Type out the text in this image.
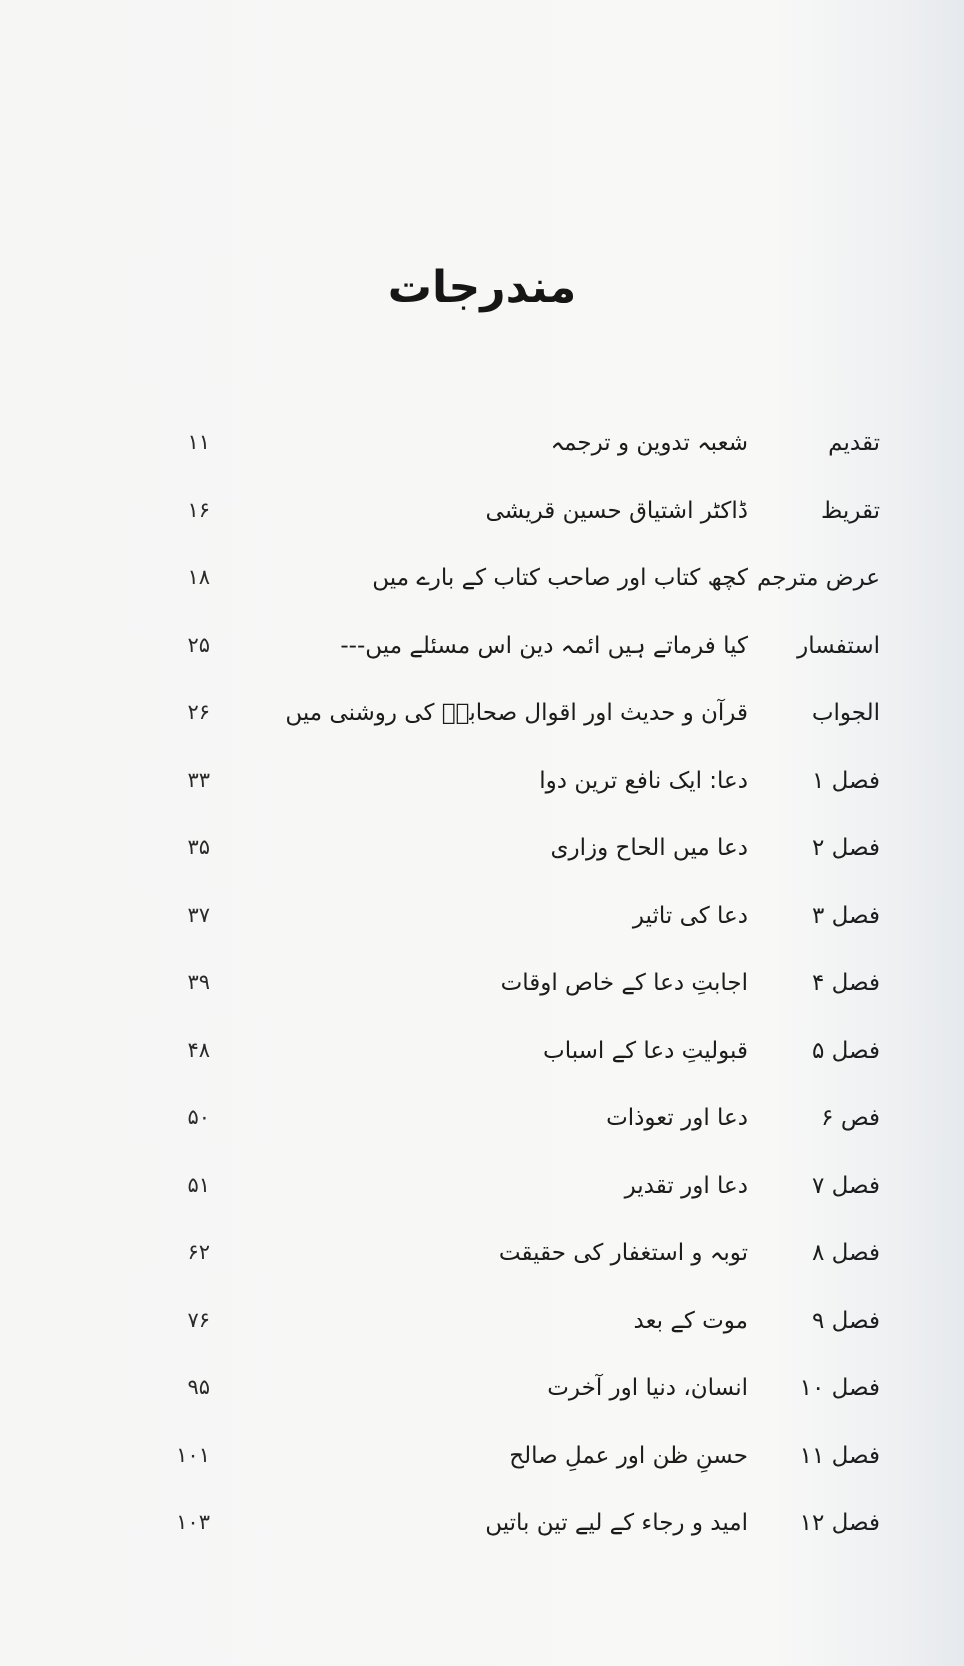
مندرجات
تقدیم
شعبہ تدوین و ترجمہ
۱۱
تقریظ
ڈاکٹر اشتیاق حسین قریشی
۱۶
عرض مترجم
کچھ کتاب اور صاحب کتاب کے بارے میں
۱۸
استفسار
کیا فرماتے ہیں ائمہ دین اس مسئلے میں---
۲۵
الجواب
قرآن و حدیث اور اقوال صحابہؓ کی روشنی میں
۲۶
فصل ۱
دعا: ایک نافع ترین دوا
۳۳
فصل ۲
دعا میں الحاح وزاری
۳۵
فصل ۳
دعا کی تاثیر
۳۷
فصل ۴
اجابتِ دعا کے خاص اوقات
۳۹
فصل ۵
قبولیتِ دعا کے اسباب
۴۸
فص ۶
دعا اور تعوذات
۵۰
فصل ۷
دعا اور تقدیر
۵۱
فصل ۸
توبہ و استغفار کی حقیقت
۶۲
فصل ۹
موت کے بعد
۷۶
فصل ۱۰
انسان، دنیا اور آخرت
۹۵
فصل ۱۱
حسنِ ظن اور عملِ صالح
۱۰۱
فصل ۱۲
امید و رجاء کے لیے تین باتیں
۱۰۳
